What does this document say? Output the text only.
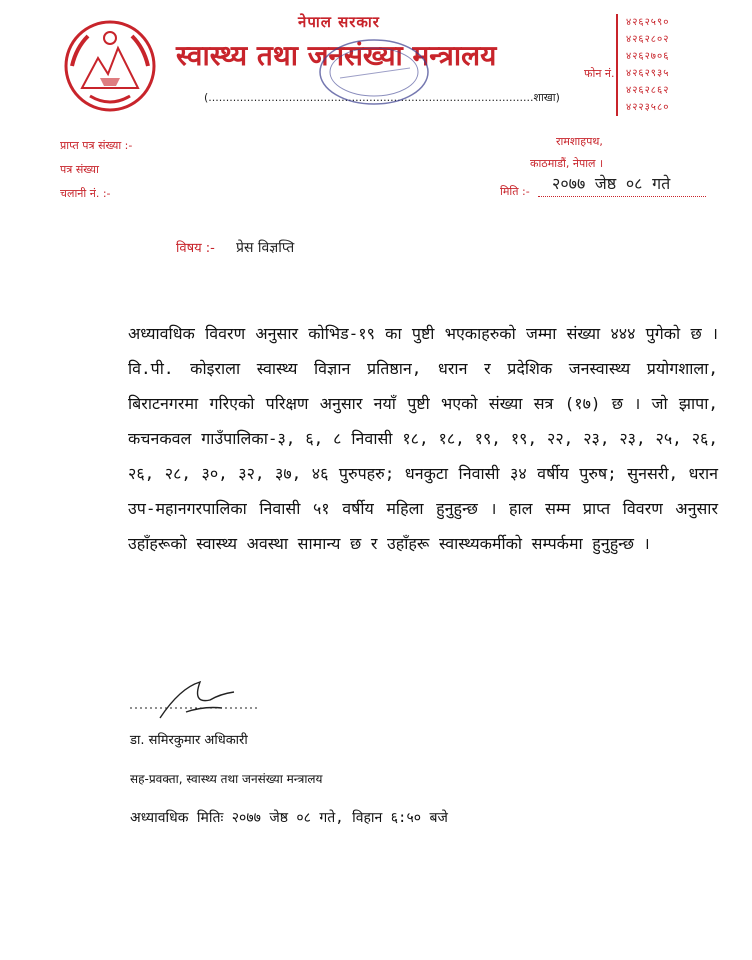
नेपाल सरकार
स्वास्थ्य तथा जनसंख्या मन्त्रालय
(.............................................................................................शाखा)
फोन नं.
४२६२५९०
४२६२८०२
४२६२७०६
४२६२९३५
४२६२८६२
४२२३५८०
प्राप्त पत्र संख्या :-
पत्र संख्या
चलानी नं. :-
रामशाहपथ,
काठमाडौं, नेपाल ।
मिति :- २०७७ जेष्ठ ०८ गते
विषय :- प्रेस विज्ञप्ति
अध्यावधिक विवरण अनुसार कोभिड-१९ का पुष्टी भएकाहरुको जम्मा संख्या ४४४ पुगेको छ । वि.पी. कोइराला स्वास्थ्य विज्ञान प्रतिष्ठान, धरान र प्रदेशिक जनस्वास्थ्य प्रयोगशाला, बिराटनगरमा गरिएको परिक्षण अनुसार नयाँ पुष्टी भएको संख्या सत्र (१७) छ । जो झापा, कचनकवल गाउँपालिका-३, ६, ८ निवासी १८, १८, १९, १९, २२, २३, २३, २५, २६, २६, २८, ३०, ३२, ३७, ४६ पुरुपहरु; धनकुटा निवासी ३४ वर्षीय पुरुष; सुनसरी, धरान उप-महानगरपालिका निवासी ५१ वर्षीय महिला हुनुहुन्छ । हाल सम्म प्राप्त विवरण अनुसार उहाँहरूको स्वास्थ्य अवस्था सामान्य छ र उहाँहरू स्वास्थ्यकर्मीको सम्पर्कमा हुनुहुन्छ ।
डा. समिरकुमार अधिकारी
सह-प्रवक्ता, स्वास्थ्य तथा जनसंख्या मन्त्रालय
अध्यावधिक मितिः २०७७ जेष्ठ ०८ गते, विहान ६:५० बजे
